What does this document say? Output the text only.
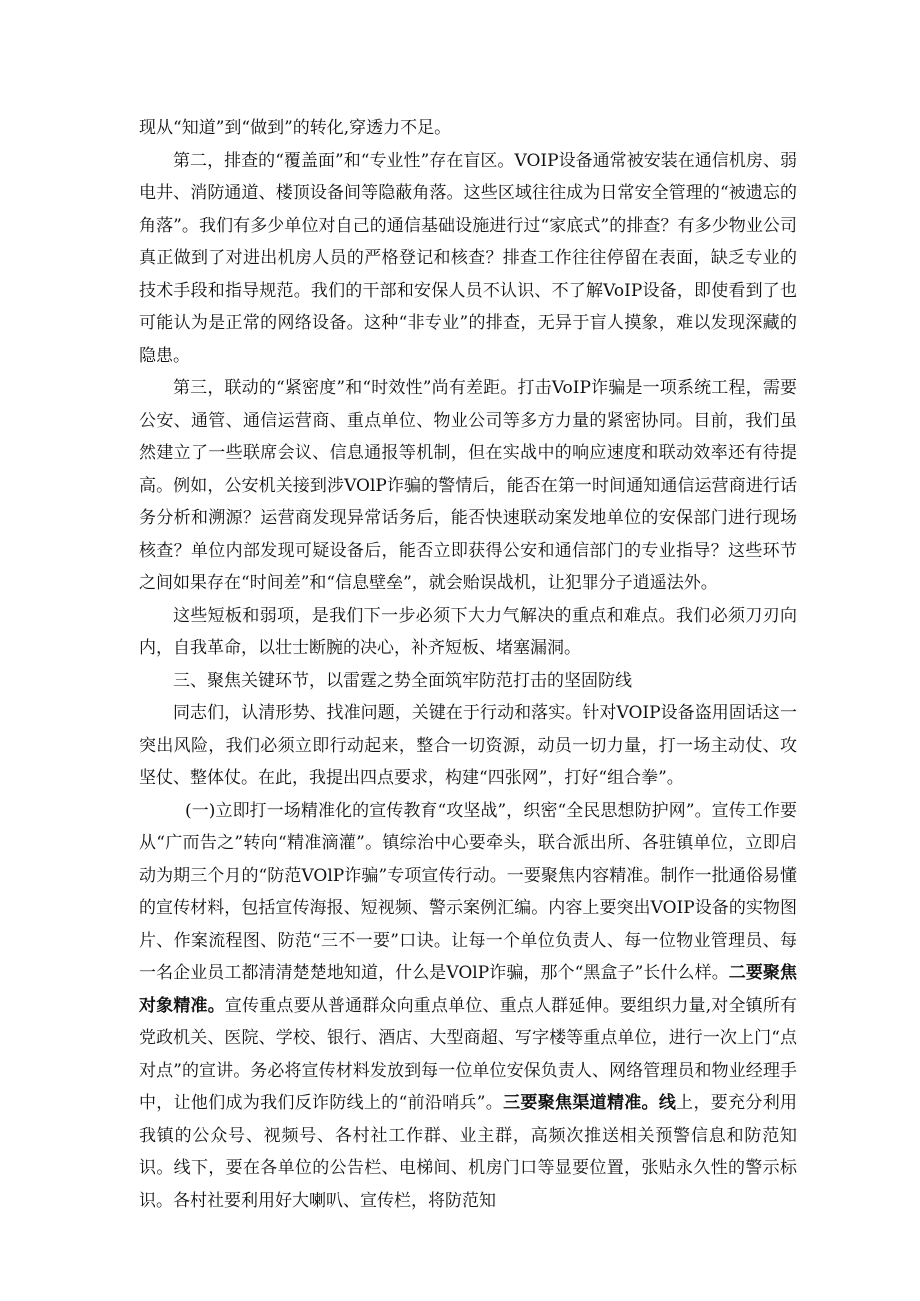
现从“知道”到“做到”的转化,穿透力不足。

第二，排查的“覆盖面”和“专业性”存在盲区。VOIP设备通常被安装在通信机房、弱电井、消防通道、楼顶设备间等隐蔽角落。这些区域往往成为日常安全管理的“被遗忘的角落”。我们有多少单位对自己的通信基础设施进行过“家底式”的排查？有多少物业公司真正做到了对进出机房人员的严格登记和核查？排查工作往往停留在表面，缺乏专业的技术手段和指导规范。我们的干部和安保人员不认识、不了解VoIP设备，即使看到了也可能认为是正常的网络设备。这种“非专业”的排查，无异于盲人摸象，难以发现深藏的隐患。

第三，联动的“紧密度”和“时效性”尚有差距。打击VoIP诈骗是一项系统工程，需要公安、通管、通信运营商、重点单位、物业公司等多方力量的紧密协同。目前，我们虽然建立了一些联席会议、信息通报等机制，但在实战中的响应速度和联动效率还有待提高。例如，公安机关接到涉VOlP诈骗的警情后，能否在第一时间通知通信运营商进行话务分析和溯源？运营商发现异常话务后，能否快速联动案发地单位的安保部门进行现场核查？单位内部发现可疑设备后，能否立即获得公安和通信部门的专业指导？这些环节之间如果存在“时间差”和“信息壁垒”，就会贻误战机，让犯罪分子逍遥法外。

这些短板和弱项，是我们下一步必须下大力气解决的重点和难点。我们必须刀刃向内，自我革命，以壮士断腕的决心，补齐短板、堵塞漏洞。

三、聚焦关键环节，以雷霆之势全面筑牢防范打击的坚固防线

同志们，认清形势、找准问题，关键在于行动和落实。针对VOIP设备盗用固话这一突出风险，我们必须立即行动起来，整合一切资源，动员一切力量，打一场主动仗、攻坚仗、整体仗。在此，我提出四点要求，构建“四张网”，打好“组合拳”。

(一)立即打一场精准化的宣传教育“攻坚战”，织密“全民思想防护网”。宣传工作要从“广而告之”转向“精准滴灌”。镇综治中心要牵头，联合派出所、各驻镇单位，立即启动为期三个月的“防范VOlP诈骗”专项宣传行动。一要聚焦内容精准。制作一批通俗易懂的宣传材料，包括宣传海报、短视频、警示案例汇编。内容上要突出VOIP设备的实物图片、作案流程图、防范“三不一要”口诀。让每一个单位负责人、每一位物业管理员、每一名企业员工都清清楚楚地知道，什么是VOlP诈骗，那个“黑盒子”长什么样。二要聚焦对象精准。宣传重点要从普通群众向重点单位、重点人群延伸。要组织力量,对全镇所有党政机关、医院、学校、银行、酒店、大型商超、写字楼等重点单位，进行一次上门“点对点”的宣讲。务必将宣传材料发放到每一位单位安保负责人、网络管理员和物业经理手中，让他们成为我们反诈防线上的“前沿哨兵”。三要聚焦渠道精准。线上，要充分利用我镇的公众号、视频号、各村社工作群、业主群，高频次推送相关预警信息和防范知识。线下，要在各单位的公告栏、电梯间、机房门口等显要位置，张贴永久性的警示标识。各村社要利用好大喇叭、宣传栏，将防范知
